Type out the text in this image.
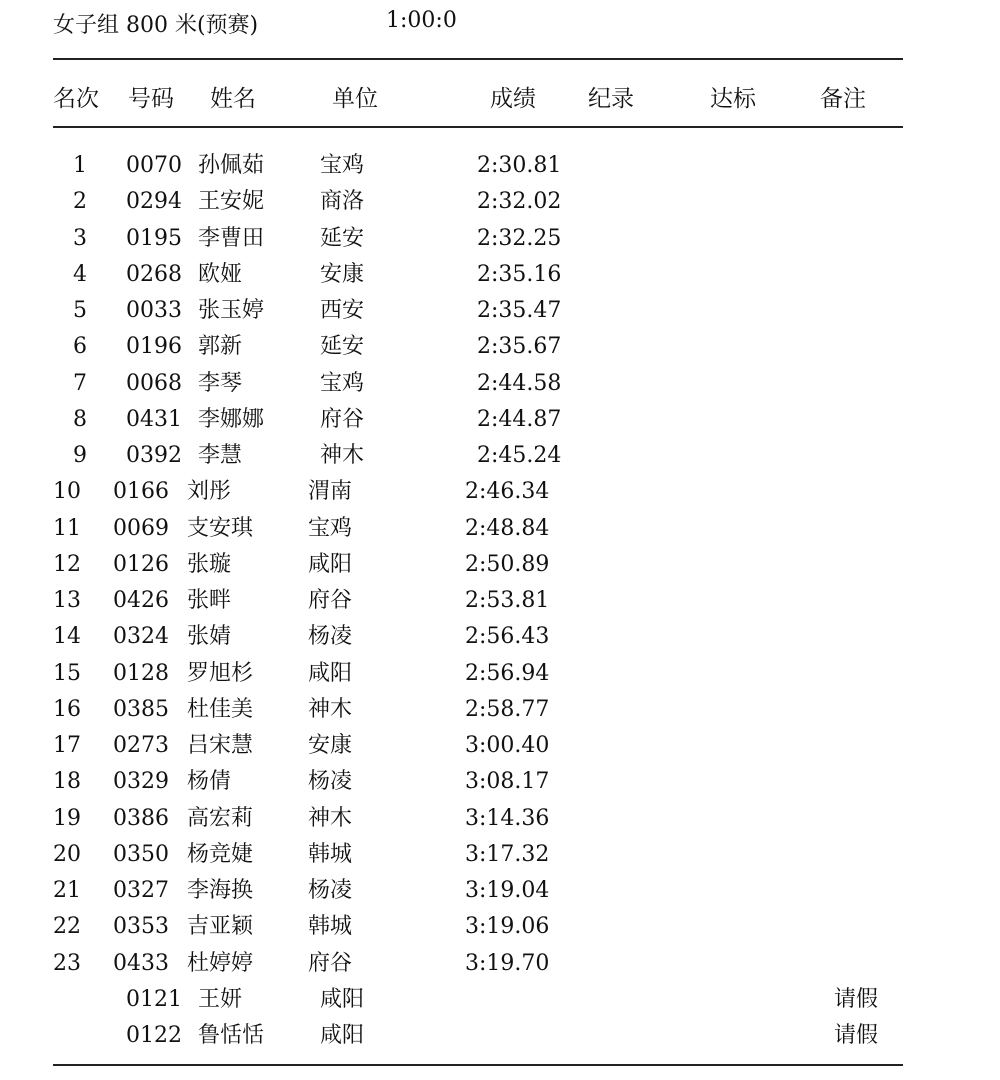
女子组 800 米(预赛)	1:00:0
名次 号码 姓名	单位	成绩 纪录	达标	备注
1 0070 孙佩茹	宝鸡	2:30.81
2 0294 王安妮	商洛	2:32.02
3 0195 李曹田	延安	2:32.25
4 0268 欧娅	安康	2:35.16
5 0033 张玉婷	西安	2:35.47
6 0196 郭新	延安	2:35.67
7 0068 李琴	宝鸡	2:44.58
8 0431 李娜娜	府谷	2:44.87
9 0392 李慧	神木	2:45.24
10 0166 刘彤	渭南	2:46.34
11 0069 支安琪 宝鸡	2:48.84
12 0126 张璇	咸阳	2:50.89
13 0426 张畔	府谷	2:53.81
14 0324 张婧	杨凌	2:56.43
15 0128 罗旭杉 咸阳	2:56.94
16 0385 杜佳美 神木	2:58.77
17 0273 吕宋慧 安康	3:00.40
18 0329 杨倩	杨凌	3:08.17
19 0386 高宏莉 神木	3:14.36
20 0350 杨竞婕 韩城	3:17.32
21 0327 李海换 杨凌	3:19.04
22 0353 吉亚颖 韩城	3:19.06
23 0433 杜婷婷 府谷	3:19.70
0121 王妍	咸阳	请假
0122 鲁恬恬	咸阳	请假
